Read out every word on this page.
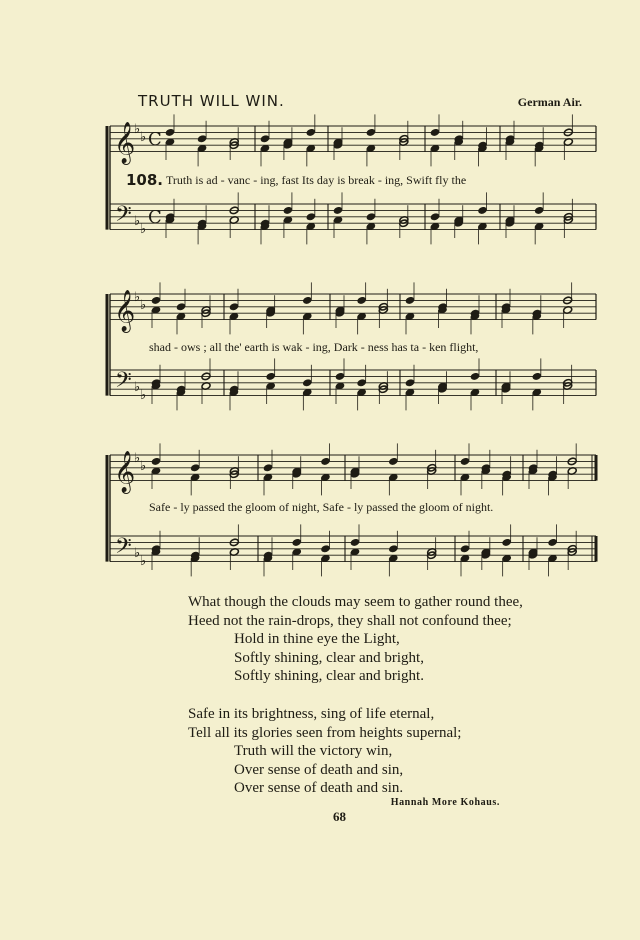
TRUTH WILL WIN.	German Air.
108.
𝄞
𝄢
♭
♭
♭
♭
C
C
𝄞
𝄢
♭
♭
♭
♭
𝄞
𝄢
♭
♭
♭
♭
Truth is ad - vanc - ing, fast Its day is break - ing, Swift fly the
shad - ows ; all the' earth is wak - ing, Dark - ness has ta - ken flight,
Safe - ly passed the gloom of night, Safe - ly passed the gloom of night.
What though the clouds may seem to gather round thee,
Heed not the rain-drops, they shall not confound thee;
Hold in thine eye the Light,
Softly shining, clear and bright,
Softly shining, clear and bright.
Safe in its brightness, sing of life eternal,
Tell all its glories seen from heights supernal;
Truth will the victory win,
Over sense of death and sin,
Over sense of death and sin.
Hannah More Kohaus.
68
